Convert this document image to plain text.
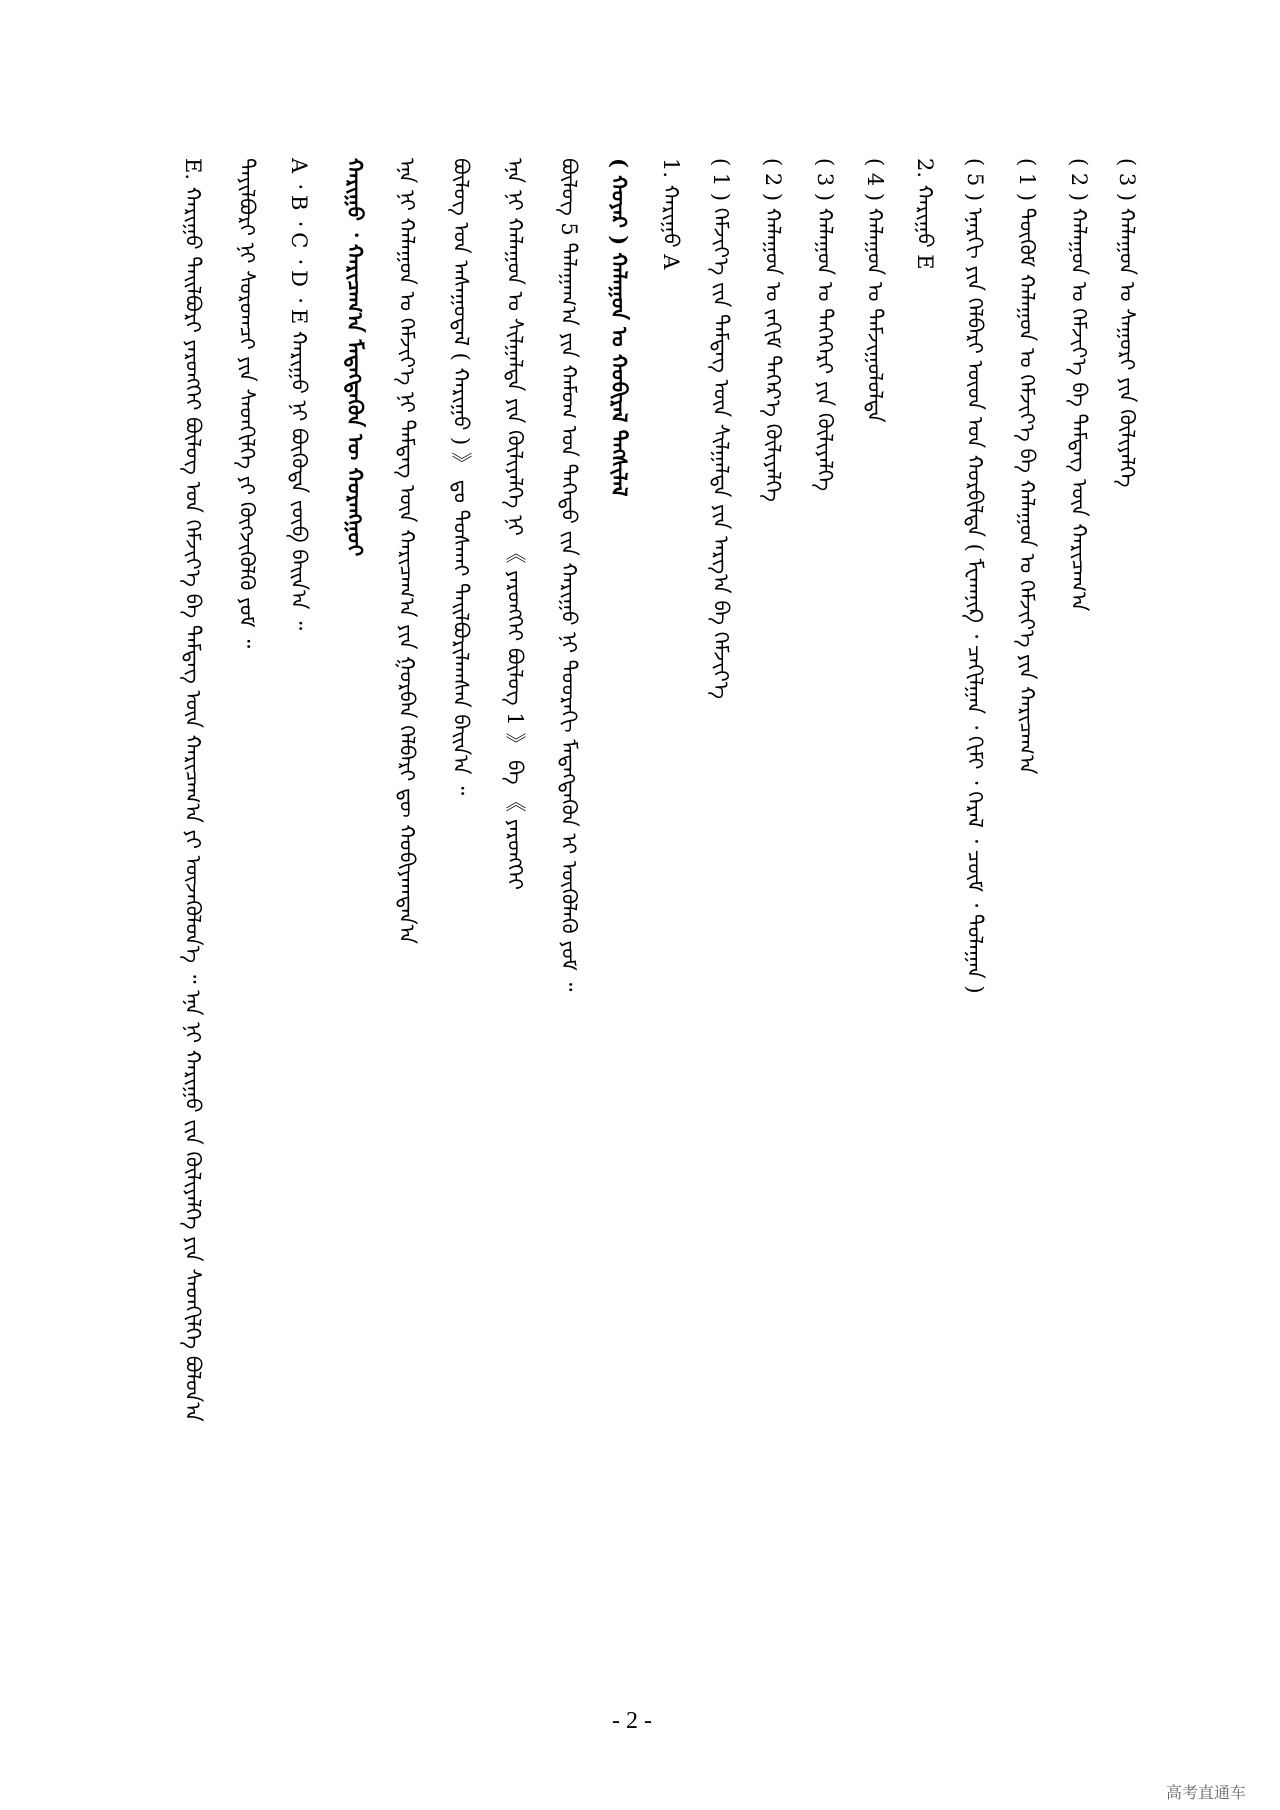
( 3 ) ᠬᠠᠯᠠᠭᠤᠨ ᠤ ᠰᠠᠭᠤᠷᠢ ᠶᠢᠨ ᠬᠦᠯᠢᠶᠡᠯᠭᠡ
( 2 ) ᠬᠠᠯᠠᠭᠤᠨ ᠤ ᠬᠡᠮᠵᠢᠶ᠎ᠡ ᠪᠠ ᠲᠡᠮᠳᠡᠭ ᠦᠨ ᠬᠠᠷᠢᠴᠠᠭ᠎ᠠ
( 1 ) ᠳᠦᠭᠦᠮ ᠬᠠᠯᠠᠭᠤᠨ ᠤ ᠬᠡᠮᠵᠢᠶ᠎ᠡ ᠪᠠ ᠬᠠᠯᠠᠭᠤᠨ ᠤ ᠬᠡᠮᠵᠢᠶ᠎ᠡ ᠶᠢᠨ ᠬᠠᠷᠢᠴᠠᠭ᠎ᠠ
( 5 ) ᠡᠨᠡᠷᠭᠢ ᠶᠢᠨ ᠬᠡᠯᠪᠡᠷᠢ ᠦᠳ ᠤᠨ ᠬᠤᠷᠪᠢᠯᠲᠠ ( ᠮᠸᠬᠠᠨᠢᠺ ᠂ ᠴᠠᠬᠢᠯᠭᠠᠨ ᠂ ᠬᠢᠮᠢ ᠂ ᠭᠡᠷᠡᠯ ᠂ ᠴᠦᠮ ᠂ ᠳᠤᠯᠠᠭᠠᠨ )
2. ᠬᠠᠷᠢᠭᠤ E
( 4 ) ᠬᠠᠯᠠᠭᠤᠨ ᠤ ᠳᠠᠮᠵᠢᠭᠤᠯᠤᠯᠲᠠ
( 3 ) ᠬᠠᠯᠠᠭᠤᠨ ᠤ ᠲᠡᠭᠡᠭᠡᠷᠢ ᠶᠢᠨ ᠬᠦᠯᠢᠶᠡᠯᠭᠡ
( 2 ) ᠬᠠᠯᠠᠭᠤᠨ ᠤ ᠵᠠᠬᠢᠮ ᠳᠡᠭᠡᠷ᠎ᠡ ᠬᠦᠯᠢᠶᠡᠯᠭᠡ
( 1 ) ᠬᠡᠮᠵᠢᠶ᠎ᠡ ᠵᠢᠨ ᠲᠡᠮᠳᠡᠭ ᠦᠨ ᠰᠢᠯᠭᠠᠯᠲᠠ ᠶᠢᠨ ᠠᠷᠭ᠎ᠠ ᠪᠠ ᠬᠡᠮᠵᠢᠶ᠎ᠡ
1. ᠬᠠᠷᠢᠭᠤ A
( ᠬᠤᠶᠠᠷ ) ᠬᠠᠯᠠᠭᠤᠨ ᠤ ᠬᠤᠪᠢᠷᠠᠯ ᠲᠡᠭᠰᠢᠯᠡᠯ
ᠪᠦᠯᠦᠭ 5 ᠳᠠᠯᠠᠭᠠᠭ᠎ᠠ ᠶᠢᠨ ᠬᠠᠮᠤᠭ ᠤᠨ ᠳᠡᠭᠡᠳᠦ ᠵᠢᠨ ᠬᠠᠷᠢᠭᠤ ᠨᠢ ᠳᠣᠣᠷᠠᠬᠢ ᠮᠡᠳᠡᠭᠳᠡᠬᠦᠨ ᠢ ᠦᠭᠦᠯᠡᠬᠦ ᠶᠤᠮ ᠃
ᠡᠨᠡ ᠨᠢ ᠬᠠᠯᠠᠭᠤᠨ ᠤ ᠰᠢᠯᠭᠠᠯᠲᠠ ᠶᠢᠨ ᠬᠦᠯᠢᠶᠡᠯᠭᠡ ᠨᠢ 《 ᠶᠡᠷᠦᠩᠬᠡᠢ ᠪᠦᠯᠦᠭ 1 》 ᠪᠠ 《 ᠶᠡᠷᠦᠩᠬᠡᠢ
ᠪᠦᠯᠦᠭ ᠤᠨ ᠠᠰᠠᠭᠤᠳᠠᠯ ( ᠬᠠᠷᠢᠭᠤ ) 》 ᠳᠤ ᠲᠤᠰᠬᠠᠢ ᠲᠠᠢᠯᠪᠤᠷᠢᠯᠠᠭᠰᠠᠨ ᠪᠠᠢᠨ᠎ᠠ ᠃
ᠡᠨᠡ ᠨᠢ ᠬᠠᠯᠠᠭᠤᠨ ᠤ ᠬᠡᠮᠵᠢᠶ᠎ᠡ ᠨᠢ ᠲᠡᠮᠳᠡᠭ ᠦᠨ ᠬᠠᠷᠢᠴᠠᠭ᠎ᠠ ᠶᠢᠨ ᠭᠤᠷᠪᠠᠨ ᠬᠡᠯᠪᠡᠷᠢ ᠳᠦ ᠬᠤᠪᠢᠶᠠᠭᠳᠠᠨ᠎ᠠ
ᠬᠠᠷᠢᠭᠤ ᠂ ᠬᠠᠷᠢᠴᠠᠭ᠎ᠠ ᠮᠡᠳᠡᠭᠳᠡᠬᠦᠨ ᠦ ᠬᠤᠷᠠᠩᠭᠤᠢ
A ᠂ B ᠂ C ᠂ D ᠂ E ᠬᠠᠷᠢᠭᠤ ᠨᠢ ᠪᠦᠭᠦᠳᠡ ᠵᠥᠪ ᠪᠠᠢᠨ᠎ᠠ ᠃
ᠲᠠᠶᠢᠯᠪᠤᠷᠢ ᠨᠢ ᠰᠤᠷᠤᠭᠴᠢ ᠶᠢᠨ ᠰᠡᠳᠬᠢᠯᠭᠡ ᠶᠢ ᠬᠥᠭᠵᠢᠭᠦᠯᠬᠦ ᠶᠤᠮ ᠃
E. ᠬᠠᠷᠢᠭᠤ ᠳᠠᠢᠯᠪᠤᠷᠢ ᠶᠡᠷᠦᠩᠬᠡᠢ ᠪᠦᠯᠦᠭ ᠤᠨ ᠬᠡᠮᠵᠢᠶ᠎ᠡ ᠪᠠ ᠲᠡᠮᠳᠡᠭ ᠦᠨ ᠬᠠᠷᠢᠴᠠᠭ᠎ᠠ ᠶᠢ ᠦᠵᠡᠭᠦᠯᠦᠨ᠎ᠡ ᠃ ᠡᠨᠡ ᠨᠢ ᠬᠠᠷᠢᠭᠤ ᠵᠢᠨ ᠬᠦᠯᠢᠶᠡᠯᠭᠡ ᠶᠢᠨ ᠰᠡᠳᠬᠢᠯᠭᠡ ᠪᠤᠯᠤᠨ᠎ᠠ
- 2 -
高考直通车
